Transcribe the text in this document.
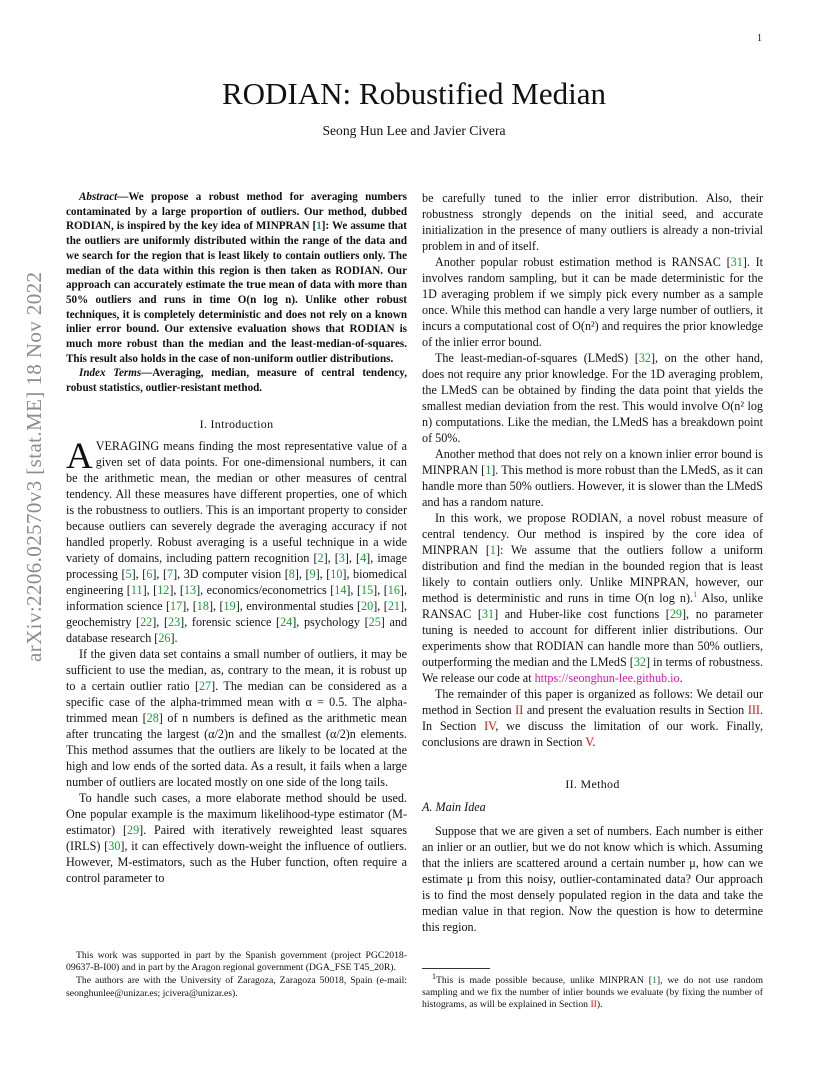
1
arXiv:2206.02570v3 [stat.ME] 18 Nov 2022
RODIAN: Robustified Median
Seong Hun Lee and Javier Civera

Abstract—We propose a robust method for averaging numbers contaminated by a large proportion of outliers. Our method, dubbed RODIAN, is inspired by the key idea of MINPRAN [1]: We assume that the outliers are uniformly distributed within the range of the data and we search for the region that is least likely to contain outliers only. The median of the data within this region is then taken as RODIAN. Our approach can accurately estimate the true mean of data with more than 50% outliers and runs in time O(n log n). Unlike other robust techniques, it is completely deterministic and does not rely on a known inlier error bound. Our extensive evaluation shows that RODIAN is much more robust than the median and the least-median-of-squares. This result also holds in the case of non-uniform outlier distributions.

Index Terms—Averaging, median, measure of central tendency, robust statistics, outlier-resistant method.

I. Introduction

AVERAGING means finding the most representative value of a given set of data points. For one-dimensional numbers, it can be the arithmetic mean, the median or other measures of central tendency. All these measures have different properties, one of which is the robustness to outliers. This is an important property to consider because outliers can severely degrade the averaging accuracy if not handled properly. Robust averaging is a useful technique in a wide variety of domains, including pattern recognition [2], [3], [4], image processing [5], [6], [7], 3D computer vision [8], [9], [10], biomedical engineering [11], [12], [13], economics/econometrics [14], [15], [16], information science [17], [18], [19], environmental studies [20], [21], geochemistry [22], [23], forensic science [24], psychology [25] and database research [26].

If the given data set contains a small number of outliers, it may be sufficient to use the median, as, contrary to the mean, it is robust up to a certain outlier ratio [27]. The median can be considered as a specific case of the alpha-trimmed mean with α = 0.5. The alpha-trimmed mean [28] of n numbers is defined as the arithmetic mean after truncating the largest (α/2)n and the smallest (α/2)n elements. This method assumes that the outliers are likely to be located at the high and low ends of the sorted data. As a result, it fails when a large number of outliers are located mostly on one side of the long tails.

To handle such cases, a more elaborate method should be used. One popular example is the maximum likelihood-type estimator (M-estimator) [29]. Paired with iteratively reweighted least squares (IRLS) [30], it can effectively down-weight the influence of outliers. However, M-estimators, such as the Huber function, often require a control parameter to

This work was supported in part by the Spanish government (project PGC2018-09637-B-I00) and in part by the Aragon regional government (DGA_FSE T45_20R).

The authors are with the University of Zaragoza, Zaragoza 50018, Spain (e-mail: seonghunlee@unizar.es; jcivera@unizar.es).

be carefully tuned to the inlier error distribution. Also, their robustness strongly depends on the initial seed, and accurate initialization in the presence of many outliers is already a non-trivial problem in and of itself.

Another popular robust estimation method is RANSAC [31]. It involves random sampling, but it can be made deterministic for the 1D averaging problem if we simply pick every number as a sample once. While this method can handle a very large number of outliers, it incurs a computational cost of O(n²) and requires the prior knowledge of the inlier error bound.

The least-median-of-squares (LMedS) [32], on the other hand, does not require any prior knowledge. For the 1D averaging problem, the LMedS can be obtained by finding the data point that yields the smallest median deviation from the rest. This would involve O(n² log n) computations. Like the median, the LMedS has a breakdown point of 50%.

Another method that does not rely on a known inlier error bound is MINPRAN [1]. This method is more robust than the LMedS, as it can handle more than 50% outliers. However, it is slower than the LMedS and has a random nature.

In this work, we propose RODIAN, a novel robust measure of central tendency. Our method is inspired by the core idea of MINPRAN [1]: We assume that the outliers follow a uniform distribution and find the median in the bounded region that is least likely to contain outliers only. Unlike MINPRAN, however, our method is deterministic and runs in time O(n log n).$^1$ Also, unlike RANSAC [31] and Huber-like cost functions [29], no parameter tuning is needed to account for different inlier distributions. Our experiments show that RODIAN can handle more than 50% outliers, outperforming the median and the LMedS [32] in terms of robustness. We release our code at https://seonghun-lee.github.io.

The remainder of this paper is organized as follows: We detail our method in Section II and present the evaluation results in Section III. In Section IV, we discuss the limitation of our work. Finally, conclusions are drawn in Section V.

II. Method
A. Main Idea

Suppose that we are given a set of numbers. Each number is either an inlier or an outlier, but we do not know which is which. Assuming that the inliers are scattered around a certain number μ, how can we estimate μ from this noisy, outlier-contaminated data? Our approach is to find the most densely populated region in the data and take the median value in that region. Now the question is how to determine this region.

$^1$This is made possible because, unlike MINPRAN [1], we do not use random sampling and we fix the number of inlier bounds we evaluate (by fixing the number of histograms, as will be explained in Section II).
